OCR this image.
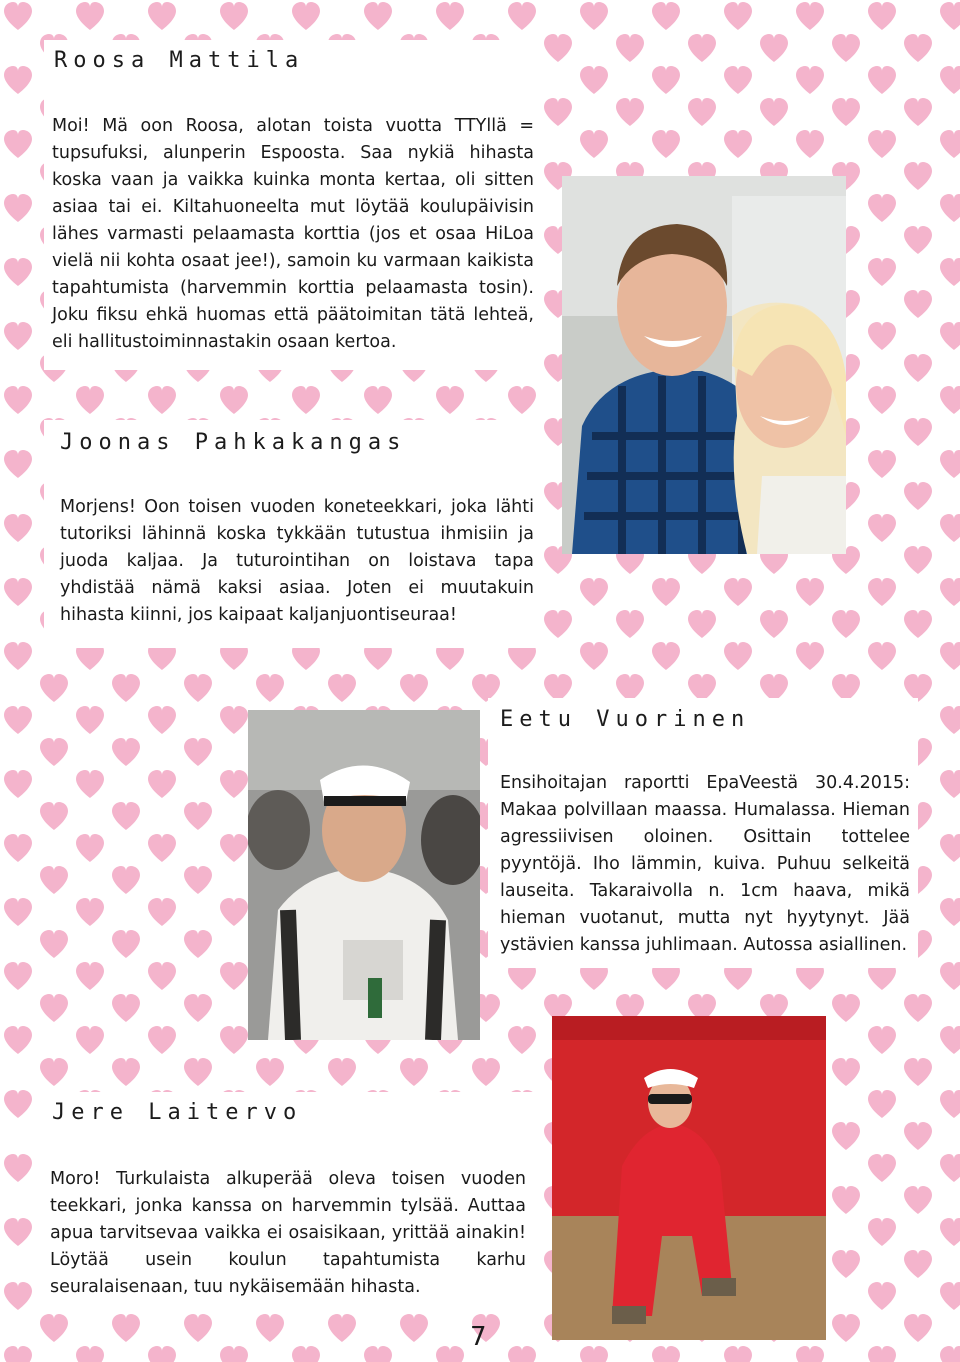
Roosa Mattila
Moi! Mä oon Roosa, alotan toista vuotta TTYllä = tupsufuksi, alunperin Espoosta. Saa nykiä hihasta koska vaan ja vaikka kuinka monta kertaa, oli sitten asiaa tai ei. Kiltahuoneelta mut löytää koulupäivisin lähes varmasti pelaamasta korttia (jos et osaa HiLoa vielä nii kohta osaat jee!), samoin ku varmaan kaikista tapahtumista (harvemmin korttia pelaamasta tosin). Joku fiksu ehkä huomas että päätoimitan tätä lehteä, eli hallitustoiminnastakin osaan kertoa.
Joonas Pahkakangas
Morjens! Oon toisen vuoden koneteekkari, joka lähti tutoriksi lähinnä koska tykkään tutustua ihmisiin ja juoda kaljaa. Ja tuturointihan on loistava tapa yhdistää nämä kaksi asiaa. Joten ei muutakuin hihasta kiinni, jos kaipaat kaljanjuontiseuraa!
Eetu Vuorinen
Ensihoitajan raportti EpaVeestä 30.4.2015: Makaa polvillaan maassa. Humalassa. Hieman agressiivisen oloinen. Osittain tottelee pyyntöjä. Iho lämmin, kuiva. Puhuu selkeitä lauseita. Takaraivolla n. 1cm haava, mikä hieman vuotanut, mutta nyt hyytynyt. Jää ystävien kanssa juhlimaan. Autossa asiallinen.
Jere Laitervo
Moro! Turkulaista alkuperää oleva toisen vuoden teekkari, jonka kanssa on harvemmin tylsää. Auttaa apua tarvitsevaa vaikka ei osaisikaan, yrittää ainakin! Löytää usein koulun tapahtumista karhu seuralaisenaan, tuu nykäisemään hihasta.
7
